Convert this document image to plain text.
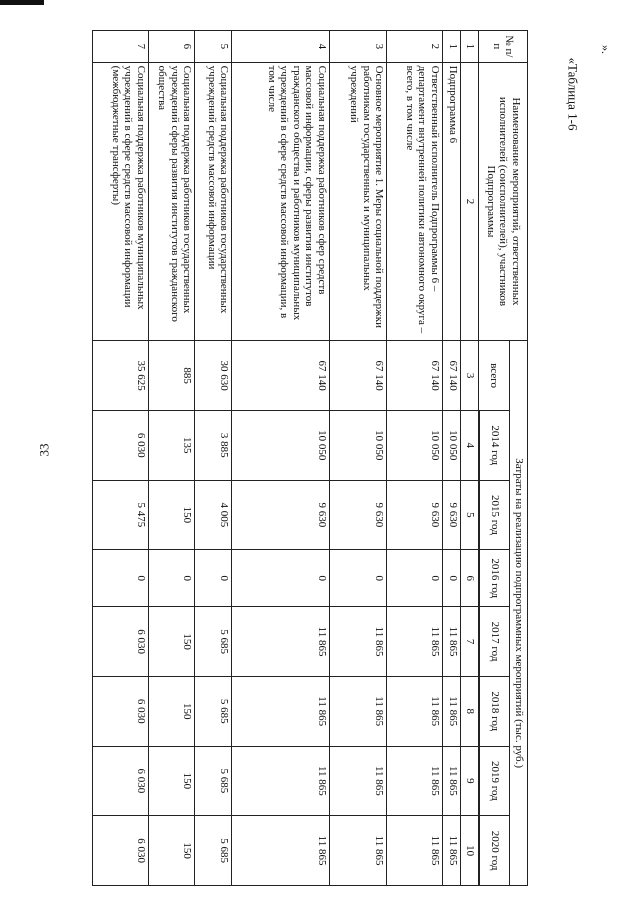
33
«Таблица 1-6
».
№ п/п	Наименование мероприятий, ответственных исполнителей (соисполнителей), участников Подпрограммы	Затраты на реализацию подпрограммных мероприятий (тыс. руб.)							
		всего	2014 год	2015 год	2016 год	2017 год	2018 год	2019 год	2020 год

1	2	3	4	5	6	7	8	9	10
1	Подпрограмма 6	67 140	10 050	9 630	0	11 865	11 865	11 865	11 865
2	Ответственный исполнитель Подпрограммы 6 – департамент внутренней политики автономного округа – всего, в том числе	67 140	10 050	9 630	0	11 865	11 865	11 865	11 865
3	Основное мероприятие 1. Меры социальной поддержки работникам государственных и муниципальных учреждений	67 140	10 050	9 630	0	11 865	11 865	11 865	11 865
4	Социальная поддержка работников сфер средств массовой информации, сферы развития институтов гражданского общества и работников муниципальных учреждений в сфере средств массовой информации, в том числе	67 140	10 050	9 630	0	11 865	11 865	11 865	11 865
5	Социальная поддержка работников государственных учреждений средств массовой информации	30 630	3 885	4 005	0	5 685	5 685	5 685	5 685
6	Социальная поддержка работников государственных учреждений сферы развития институтов гражданского общества	885	135	150	0	150	150	150	150
7	Социальная поддержка работников муниципальных учреждений в сфере средств массовой информации (межбюджетные трансферты)	35 625	6 030	5 475	0	6 030	6 030	6 030	6 030
